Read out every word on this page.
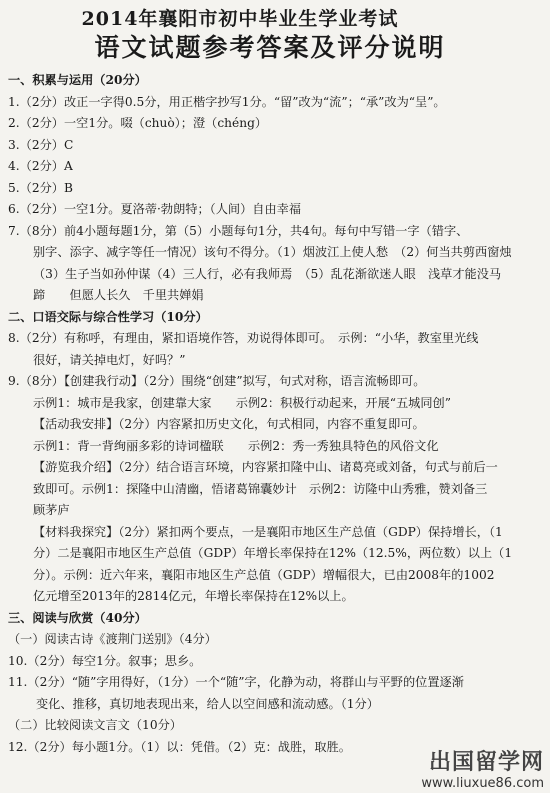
2014年襄阳市初中毕业生学业考试
语文试题参考答案及评分说明
一、积累与运用（20分）
1.（2分）改正一字得0.5分，用正楷字抄写1分。“留”改为“流”；“承”改为“呈”。
2.（2分）一空1分。啜（chuò）；澄（chéng）
3.（2分）C
4.（2分）A
5.（2分）B
6.（2分）一空1分。夏洛蒂·勃朗特；（人间）自由幸福
7.（8分）前4小题每题1分，第（5）小题每句1分，共4句。每句中写错一字（错字、
别字、添字、减字等任一情况）该句不得分。（1）烟波江上使人愁　（2）何当共剪西窗烛
（3）生子当如孙仲谋（4）三人行，必有我师焉　（5）乱花渐欲迷人眼　浅草才能没马
蹄　　但愿人长久　千里共婵娟
二、口语交际与综合性学习（10分）
8.（2分）有称呼，有理由，紧扣语境作答，劝说得体即可。　示例：“小华，教室里光线
很好，请关掉电灯，好吗？”
9.（8分）【创建我行动】（2分）围绕“创建”拟写，句式对称，语言流畅即可。
示例1：城市是我家，创建靠大家　　示例2：积极行动起来，开展“五城同创”
【活动我安排】（2分）内容紧扣历史文化，句式相同，内容不重复即可。
示例1：背一背绚丽多彩的诗词楹联　　示例2：秀一秀独具特色的风俗文化
【游览我介绍】（2分）结合语言环境，内容紧扣隆中山、诸葛亮或刘备，句式与前后一
致即可。示例1：探隆中山清幽，悟诸葛锦囊妙计　示例2：访隆中山秀雅，赞刘备三
顾茅庐
【材料我探究】（2分）紧扣两个要点，一是襄阳市地区生产总值（GDP）保持增长，（1
分）二是襄阳市地区生产总值（GDP）年增长率保持在12%（12.5%，两位数）以上（1
分）。示例：近六年来，襄阳市地区生产总值（GDP）增幅很大，已由2008年的1002
亿元增至2013年的2814亿元，年增长率保持在12%以上。
三、阅读与欣赏（40分）
（一）阅读古诗《渡荆门送别》（4分）
10.（2分）每空1分。叙事；思乡。
11.（2分）“随”字用得好，（1分）一个“随”字，化静为动，将群山与平野的位置逐渐
变化、推移，真切地表现出来，给人以空间感和流动感。（1分）
（二）比较阅读文言文（10分）
12.（2分）每小题1分。（1）以：凭借。（2）克：战胜，取胜。
出国留学网
www.liuxue86.com
